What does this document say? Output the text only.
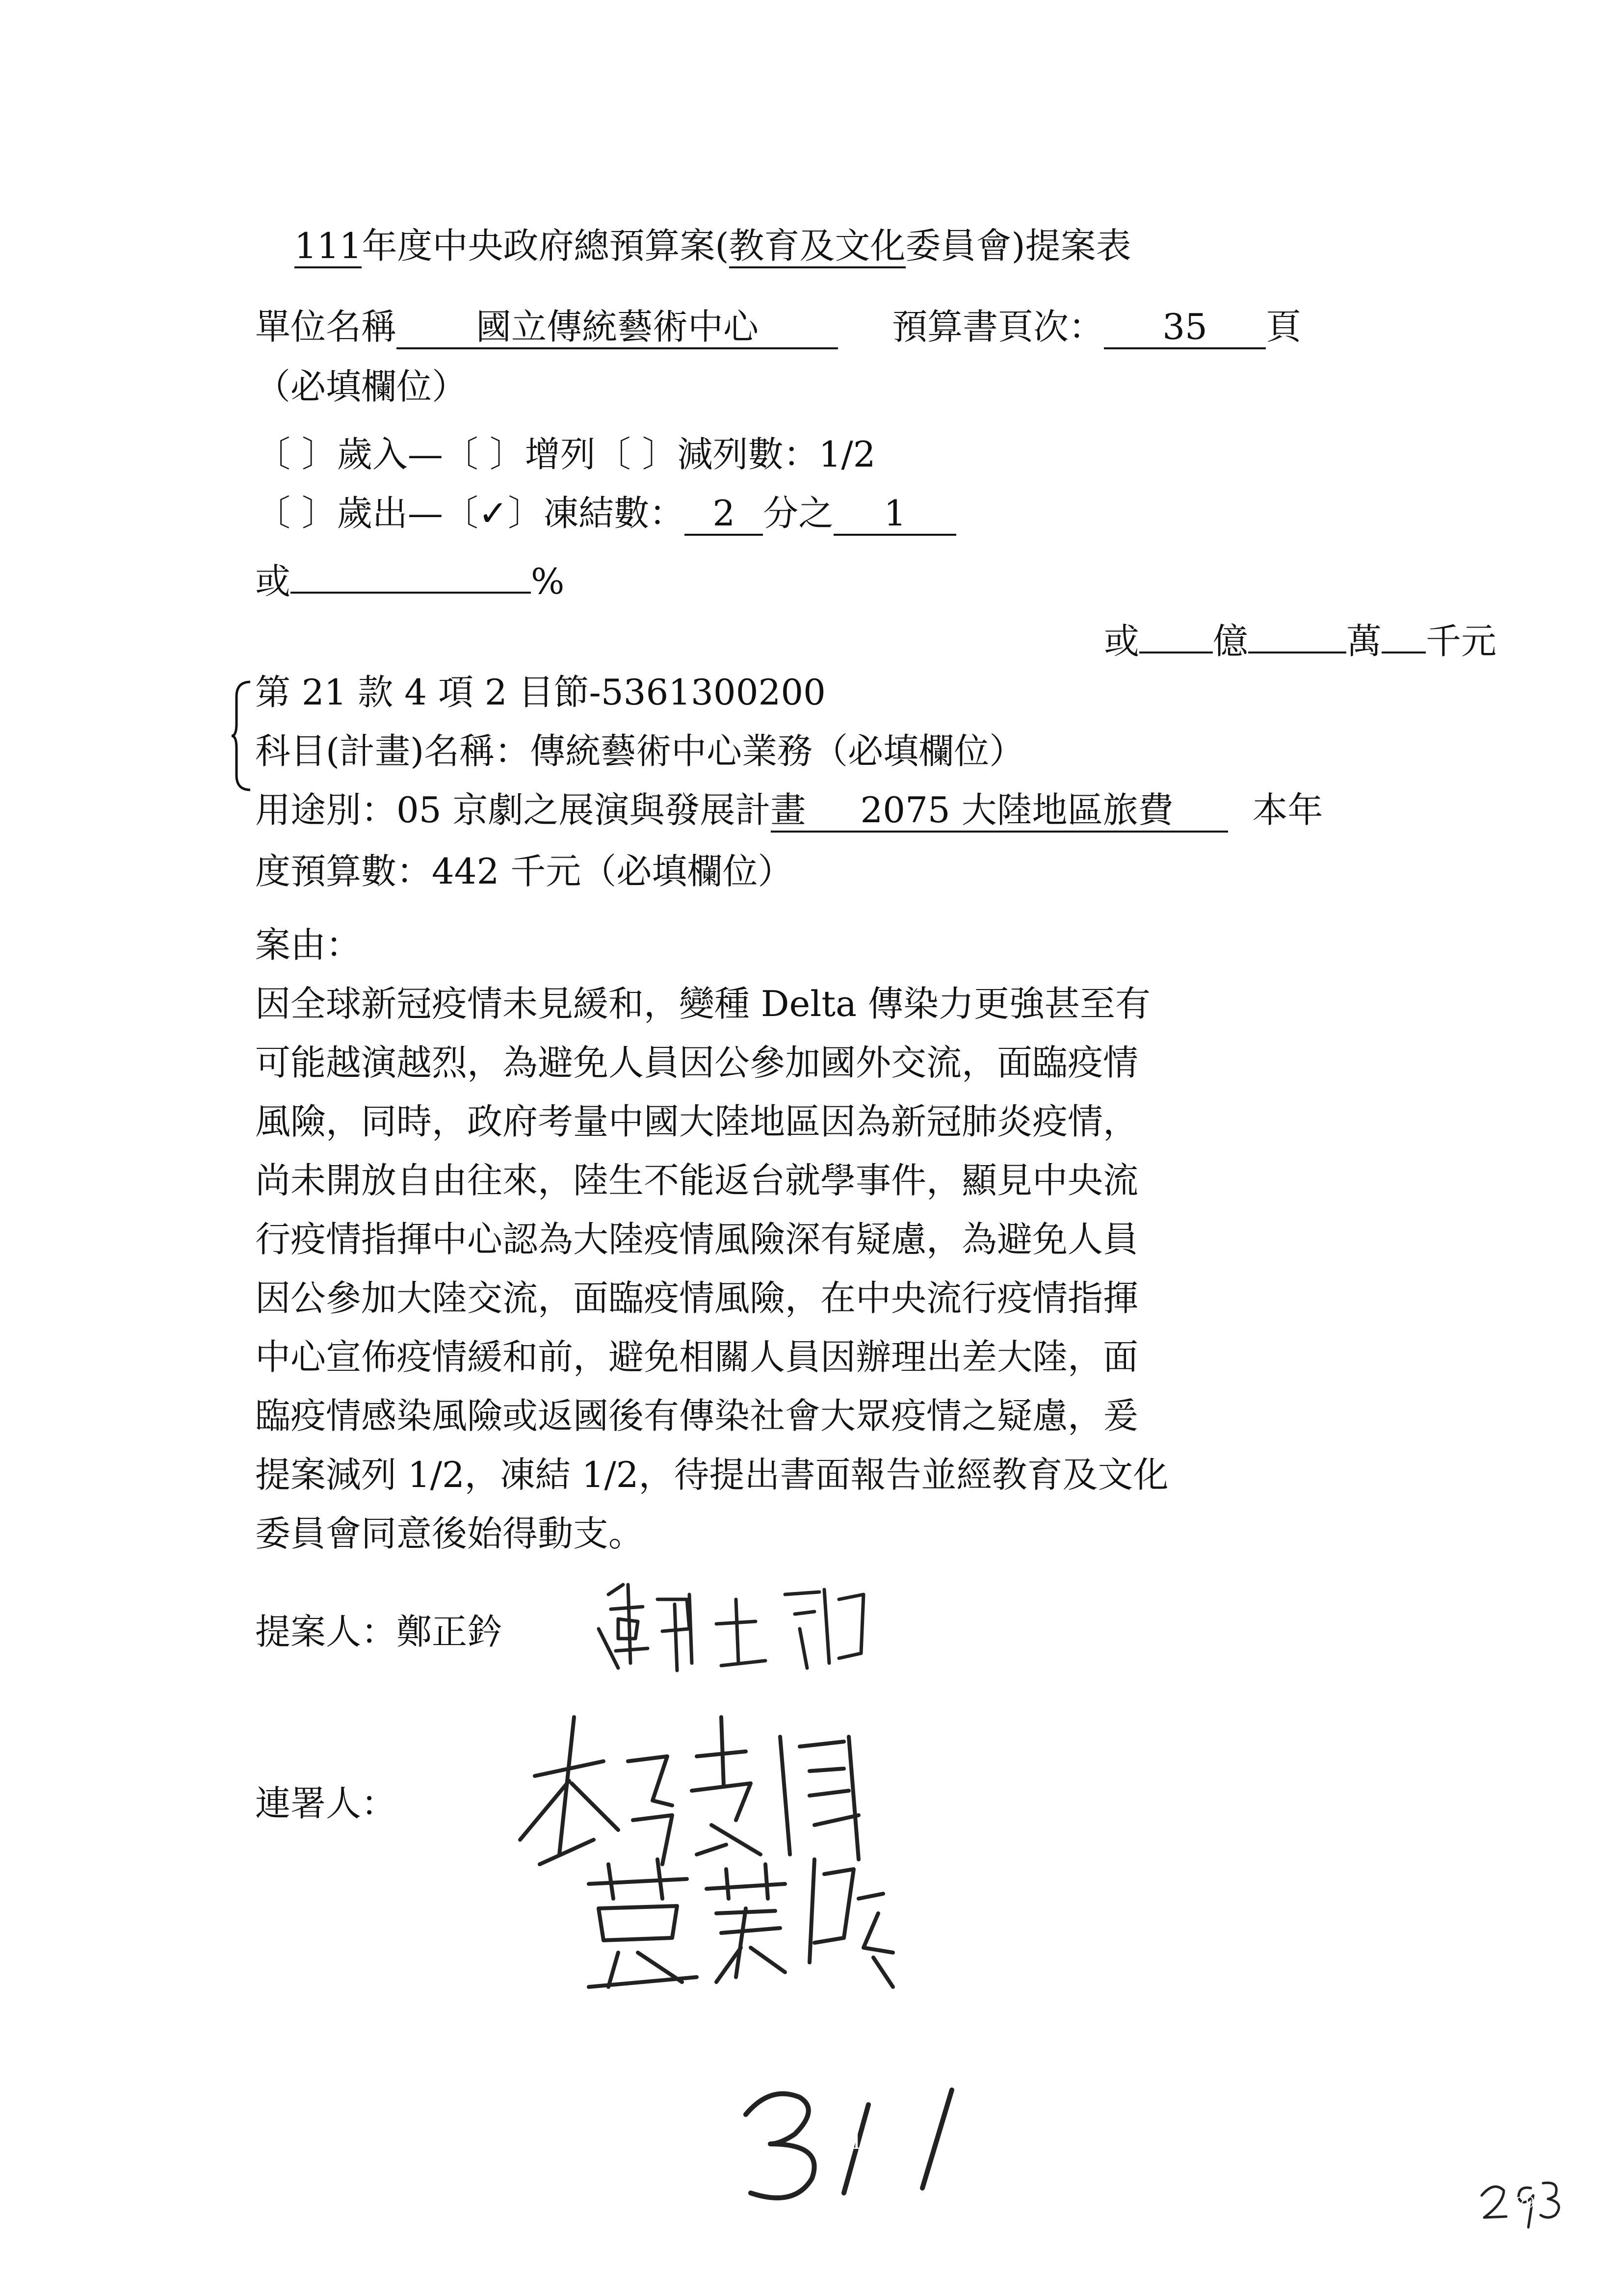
111年度中央政府總預算案(教育及文化委員會)提案表
單位名稱 國立傳統藝術中心	預算書頁次： 35 頁
（必填欄位）
〔 〕歲入—〔 〕增列〔 〕減列數：1/2
〔 〕歲出—〔✓〕凍結數： 2 分之 1
或	%
或 億	萬 千元
第 21 款 4 項 2 目節-5361300200
科目(計畫)名稱：傳統藝術中心業務（必填欄位）
用途別：05 京劇之展演與發展計畫 2075 大陸地區旅費 本年
度預算數：442 千元（必填欄位）
案由：
因全球新冠疫情未見緩和，變種 Delta 傳染力更強甚至有
可能越演越烈，為避免人員因公參加國外交流，面臨疫情
風險，同時，政府考量中國大陸地區因為新冠肺炎疫情，
尚未開放自由往來，陸生不能返台就學事件，顯見中央流
行疫情指揮中心認為大陸疫情風險深有疑慮，為避免人員
因公參加大陸交流，面臨疫情風險，在中央流行疫情指揮
中心宣佈疫情緩和前，避免相關人員因辦理出差大陸，面
臨疫情感染風險或返國後有傳染社會大眾疫情之疑慮，爰
提案減列 1/2，凍結 1/2，待提出書面報告並經教育及文化
委員會同意後始得動支。
提案人：鄭正鈐
連署人：
311
293
